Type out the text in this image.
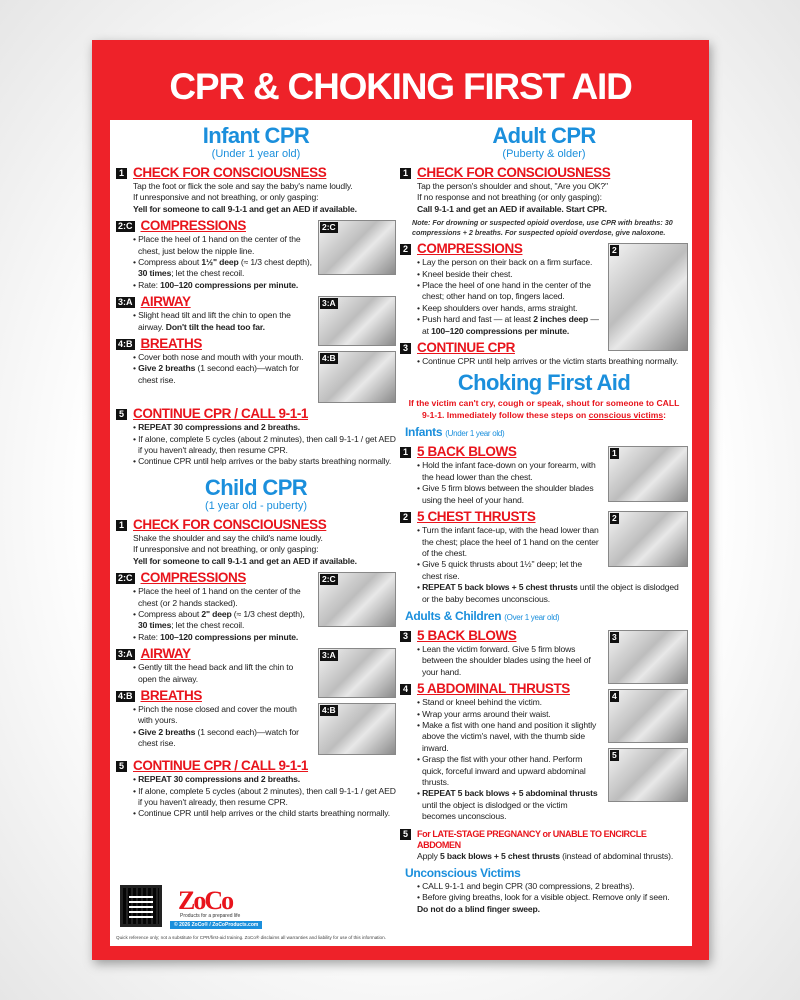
CPR & CHOKING FIRST AID
Infant CPR
(Under 1 year old)
1 CHECK FOR CONSCIOUSNESS
Tap the foot or flick the sole and say the baby's name loudly.
If unresponsive and not breathing, or only gasping:
Yell for someone to call 9-1-1 and get an AED if available.
2:C
2:C COMPRESSIONS
• Place the heel of 1 hand on the center of the chest, just below the nipple line.
• Compress about 1½" deep (≈ 1/3 chest depth), 30 times; let the chest recoil.
• Rate: 100–120 compressions per minute.
3:A
3:A AIRWAY
• Slight head tilt and lift the chin to open the airway. Don't tilt the head too far.
4:B
4:B BREATHS
• Cover both nose and mouth with your mouth.
• Give 2 breaths (1 second each)—watch for chest rise.
5 CONTINUE CPR / CALL 9-1-1
• REPEAT 30 compressions and 2 breaths.
• If alone, complete 5 cycles (about 2 minutes), then call 9-1-1 / get AED if you haven't already, then resume CPR.
• Continue CPR until help arrives or the baby starts breathing normally.
Child CPR
(1 year old - puberty)
1 CHECK FOR CONSCIOUSNESS
Shake the shoulder and say the child's name loudly.
If unresponsive and not breathing, or only gasping:
Yell for someone to call 9-1-1 and get an AED if available.
2:C
2:C COMPRESSIONS
• Place the heel of 1 hand on the center of the chest (or 2 hands stacked).
• Compress about 2" deep (≈ 1/3 chest depth), 30 times; let the chest recoil.
• Rate: 100–120 compressions per minute.
3:A
3:A AIRWAY
• Gently tilt the head back and lift the chin to open the airway.
4:B
4:B BREATHS
• Pinch the nose closed and cover the mouth with yours.
• Give 2 breaths (1 second each)—watch for chest rise.
5 CONTINUE CPR / CALL 9-1-1
• REPEAT 30 compressions and 2 breaths.
• If alone, complete 5 cycles (about 2 minutes), then call 9-1-1 / get AED if you haven't already, then resume CPR.
• Continue CPR until help arrives or the child starts breathing normally.
ZoCo
Products for a prepared life
© 2026 ZoCo® / ZoCoProducts.com
Quick reference only; not a substitute for CPR/first-aid training. ZoCo® disclaims all warranties and liability for use of this information.
Adult CPR
(Puberty & older)
1 CHECK FOR CONSCIOUSNESS
Tap the person's shoulder and shout, "Are you OK?"
If no response and not breathing (or only gasping):
Call 9-1-1 and get an AED if available. Start CPR.
Note: For drowning or suspected opioid overdose, use CPR with breaths: 30 compressions + 2 breaths. For suspected opioid overdose, give naloxone.
2
2 COMPRESSIONS
• Lay the person on their back on a firm surface.
• Kneel beside their chest.
• Place the heel of one hand in the center of the chest; other hand on top, fingers laced.
• Keep shoulders over hands, arms straight.
• Push hard and fast — at least 2 inches deep — at 100–120 compressions per minute.
3 CONTINUE CPR
• Continue CPR until help arrives or the victim starts breathing normally.
Choking First Aid
If the victim can't cry, cough or speak, shout for someone to CALL 9-1-1. Immediately follow these steps on conscious victims:
Infants (Under 1 year old)
1
1 5 BACK BLOWS
• Hold the infant face-down on your forearm, with the head lower than the chest.
• Give 5 firm blows between the shoulder blades using the heel of your hand.
2
2 5 CHEST THRUSTS
• Turn the infant face-up, with the head lower than the chest; place the heel of 1 hand on the center of the chest.
• Give 5 quick thrusts about 1½" deep; let the chest rise.
• REPEAT 5 back blows + 5 chest thrusts until the object is dislodged or the baby becomes unconscious.
Adults & Children (Over 1 year old)
3
3 5 BACK BLOWS
• Lean the victim forward. Give 5 firm blows between the shoulder blades using the heel of your hand.
4
5
4 5 ABDOMINAL THRUSTS
• Stand or kneel behind the victim.
• Wrap your arms around their waist.
• Make a fist with one hand and position it slightly above the victim's navel, with the thumb side inward.
• Grasp the fist with your other hand. Perform quick, forceful inward and upward abdominal thrusts.
• REPEAT 5 back blows + 5 abdominal thrusts until the object is dislodged or the victim becomes unconscious.
5	For LATE-STAGE PREGNANCY or UNABLE TO ENCIRCLE ABDOMEN
Apply 5 back blows + 5 chest thrusts (instead of abdominal thrusts).
Unconscious Victims
• CALL 9-1-1 and begin CPR (30 compressions, 2 breaths).
• Before giving breaths, look for a visible object. Remove only if seen.
Do not do a blind finger sweep.
